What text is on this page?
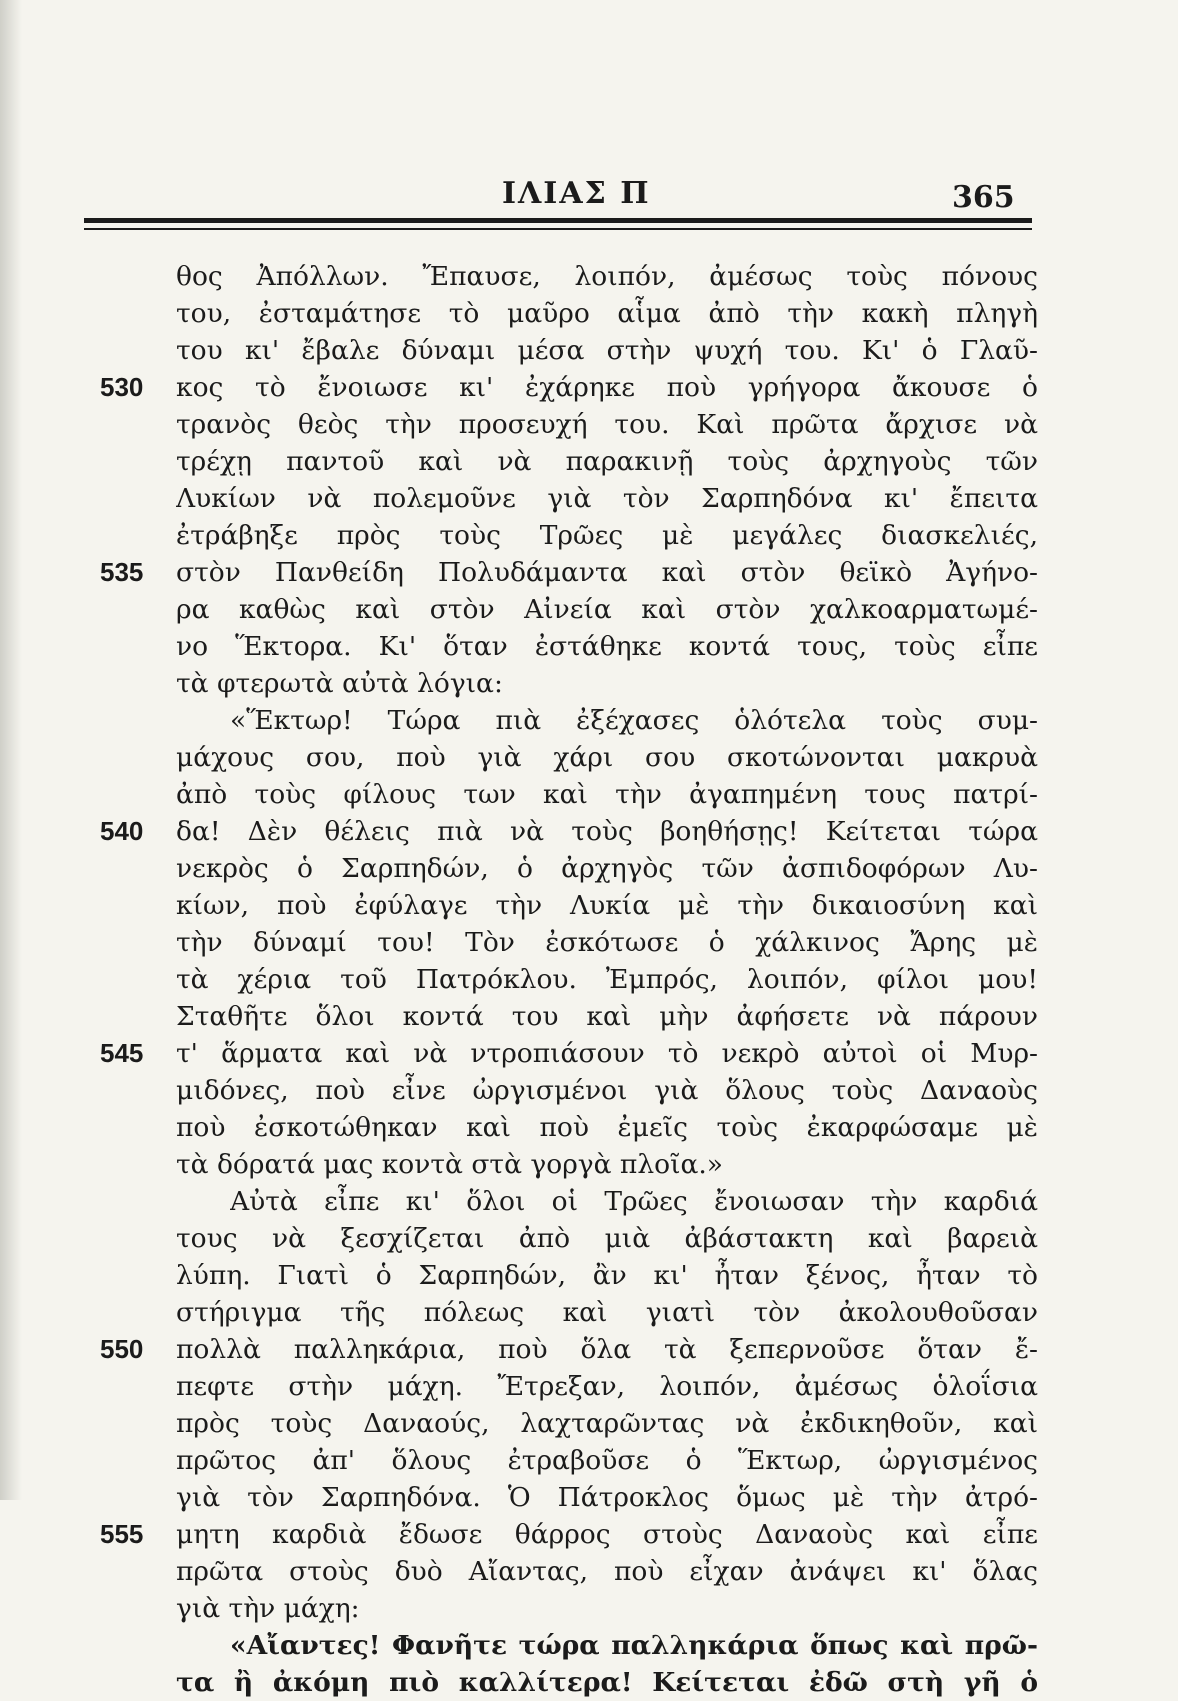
ΙΛΙΑΣ Π	365
θος Ἀπόλλων. Ἔπαυσε, λοιπόν, ἀμέσως τοὺς πόνους
του, ἐσταμάτησε τὸ μαῦρο αἷμα ἀπὸ τὴν κακὴ πληγὴ
του κι' ἔβαλε δύναμι μέσα στὴν ψυχή του. Κι' ὁ Γλαῦ-
530	κος τὸ ἔνοιωσε κι' ἐχάρηκε ποὺ γρήγορα ἄκουσε ὁ
τρανὸς θεὸς τὴν προσευχή του. Καὶ πρῶτα ἄρχισε νὰ
τρέχῃ παντοῦ καὶ νὰ παρακινῇ τοὺς ἀρχηγοὺς τῶν
Λυκίων νὰ πολεμοῦνε γιὰ τὸν Σαρπηδόνα κι' ἔπειτα
ἐτράβηξε πρὸς τοὺς Τρῶες μὲ μεγάλες διασκελιές,
535	στὸν Πανθείδη Πολυδάμαντα καὶ στὸν θεϊκὸ Ἀγήνο-
ρα καθὼς καὶ στὸν Αἰνεία καὶ στὸν χαλκοαρματωμέ-
νο Ἕκτορα. Κι' ὅταν ἐστάθηκε κοντά τους, τοὺς εἶπε
τὰ φτερωτὰ αὐτὰ λόγια:
«Ἕκτωρ! Τώρα πιὰ ἐξέχασες ὁλότελα τοὺς συμ-
μάχους σου, ποὺ γιὰ χάρι σου σκοτώνονται μακρυὰ
ἀπὸ τοὺς φίλους των καὶ τὴν ἀγαπημένη τους πατρί-
540	δα! Δὲν θέλεις πιὰ νὰ τοὺς βοηθήσῃς! Κείτεται τώρα
νεκρὸς ὁ Σαρπηδών, ὁ ἀρχηγὸς τῶν ἀσπιδοφόρων Λυ-
κίων, ποὺ ἐφύλαγε τὴν Λυκία μὲ τὴν δικαιοσύνη καὶ
τὴν δύναμί του! Τὸν ἐσκότωσε ὁ χάλκινος Ἄρης μὲ
τὰ χέρια τοῦ Πατρόκλου. Ἐμπρός, λοιπόν, φίλοι μου!
Σταθῆτε ὅλοι κοντά του καὶ μὴν ἀφήσετε νὰ πάρουν
545	τ' ἅρματα καὶ νὰ ντροπιάσουν τὸ νεκρὸ αὐτοὶ οἱ Μυρ-
μιδόνες, ποὺ εἶνε ὠργισμένοι γιὰ ὅλους τοὺς Δαναοὺς
ποὺ ἐσκοτώθηκαν καὶ ποὺ ἐμεῖς τοὺς ἐκαρφώσαμε μὲ
τὰ δόρατά μας κοντὰ στὰ γοργὰ πλοῖα.»
Αὐτὰ εἶπε κι' ὅλοι οἱ Τρῶες ἔνοιωσαν τὴν καρδιά
τους νὰ ξεσχίζεται ἀπὸ μιὰ ἀβάστακτη καὶ βαρειὰ
λύπη. Γιατὶ ὁ Σαρπηδών, ἂν κι' ἦταν ξένος, ἦταν τὸ
στήριγμα τῆς πόλεως καὶ γιατὶ τὸν ἀκολουθοῦσαν
550	πολλὰ παλληκάρια, ποὺ ὅλα τὰ ξεπερνοῦσε ὅταν ἔ-
πεφτε στὴν μάχη. Ἔτρεξαν, λοιπόν, ἀμέσως ὁλοΐσια
πρὸς τοὺς Δαναούς, λαχταρῶντας νὰ ἐκδικηθοῦν, καὶ
πρῶτος ἀπ' ὅλους ἐτραβοῦσε ὁ Ἕκτωρ, ὠργισμένος
γιὰ τὸν Σαρπηδόνα. Ὁ Πάτροκλος ὅμως μὲ τὴν ἀτρό-
555	μητη καρδιὰ ἔδωσε θάρρος στοὺς Δαναοὺς καὶ εἶπε
πρῶτα στοὺς δυὸ Αἴαντας, ποὺ εἶχαν ἀνάψει κι' ὅλας
γιὰ τὴν μάχη:
«Αἴαντες! Φανῆτε τώρα παλληκάρια ὅπως καὶ πρῶ-
τα ἢ ἀκόμη πιὸ καλλίτερα! Κείτεται ἐδῶ στὴ γῆ ὁ
